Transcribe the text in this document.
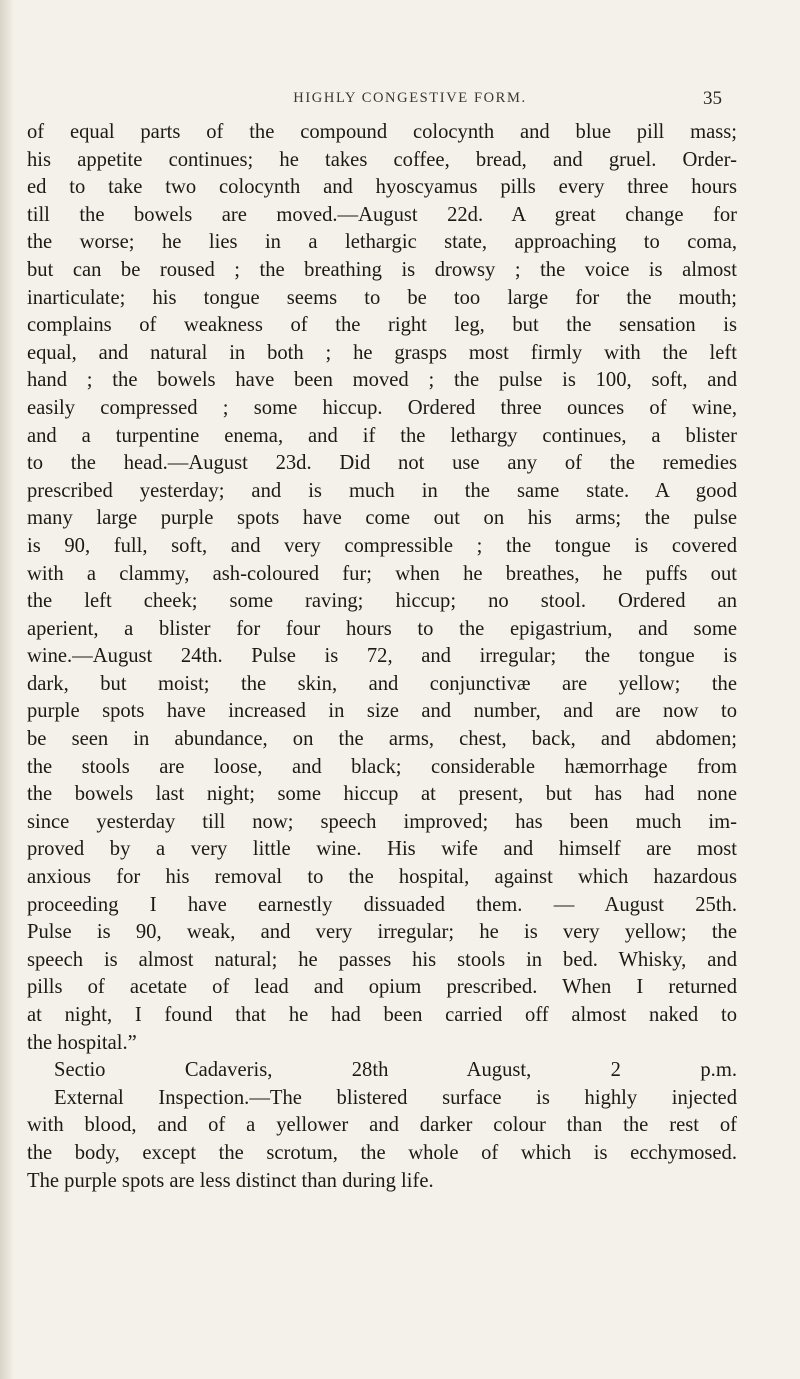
HIGHLY CONGESTIVE FORM.	35
of equal parts of the compound colocynth and blue pill mass;
his appetite continues; he takes coffee, bread, and gruel. Order-
ed to take two colocynth and hyoscyamus pills every three hours
till the bowels are moved.—August 22d. A great change for
the worse; he lies in a lethargic state, approaching to coma,
but can be roused ; the breathing is drowsy ; the voice is almost
inarticulate; his tongue seems to be too large for the mouth;
complains of weakness of the right leg, but the sensation is
equal, and natural in both ; he grasps most firmly with the left
hand ; the bowels have been moved ; the pulse is 100, soft, and
easily compressed ; some hiccup. Ordered three ounces of wine,
and a turpentine enema, and if the lethargy continues, a blister
to the head.—August 23d. Did not use any of the remedies
prescribed yesterday; and is much in the same state. A good
many large purple spots have come out on his arms; the pulse
is 90, full, soft, and very compressible ; the tongue is covered
with a clammy, ash-coloured fur; when he breathes, he puffs out
the left cheek; some raving; hiccup; no stool. Ordered an
aperient, a blister for four hours to the epigastrium, and some
wine.—August 24th. Pulse is 72, and irregular; the tongue is
dark, but moist; the skin, and conjunctivæ are yellow; the
purple spots have increased in size and number, and are now to
be seen in abundance, on the arms, chest, back, and abdomen;
the stools are loose, and black; considerable hæmorrhage from
the bowels last night; some hiccup at present, but has had none
since yesterday till now; speech improved; has been much im-
proved by a very little wine. His wife and himself are most
anxious for his removal to the hospital, against which hazardous
proceeding I have earnestly dissuaded them. — August 25th.
Pulse is 90, weak, and very irregular; he is very yellow; the
speech is almost natural; he passes his stools in bed. Whisky, and
pills of acetate of lead and opium prescribed. When I returned
at night, I found that he had been carried off almost naked to
the hospital.”
Sectio Cadaveris, 28th August, 2 p.m.
External Inspection.—The blistered surface is highly injected
with blood, and of a yellower and darker colour than the rest of
the body, except the scrotum, the whole of which is ecchymosed.
The purple spots are less distinct than during life.
